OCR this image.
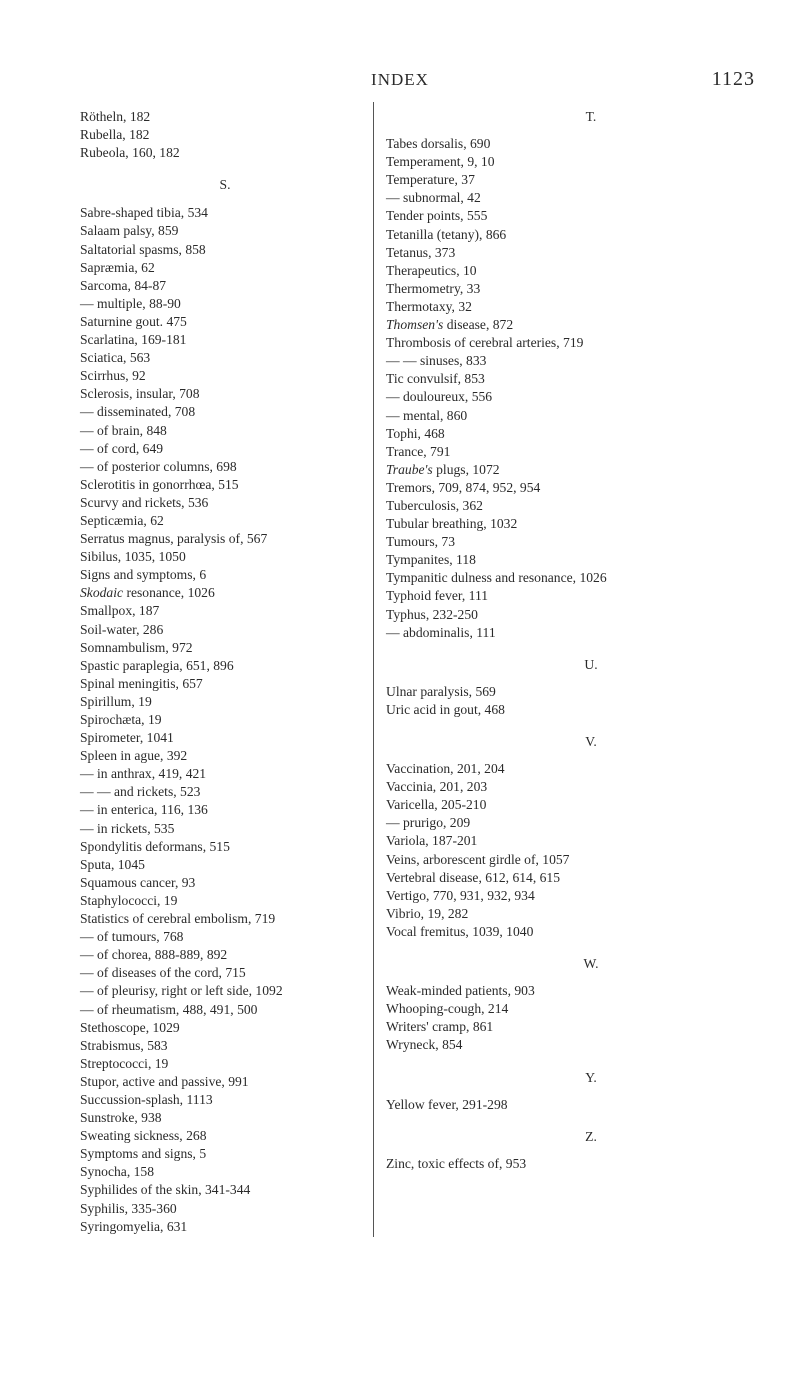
INDEX	1123
Rötheln, 182
Rubella, 182
Rubeola, 160, 182
S.
Sabre-shaped tibia, 534
Salaam palsy, 859
Saltatorial spasms, 858
Sapræmia, 62
Sarcoma, 84-87
— multiple, 88-90
Saturnine gout. 475
Scarlatina, 169-181
Sciatica, 563
Scirrhus, 92
Sclerosis, insular, 708
— disseminated, 708
— of brain, 848
— of cord, 649
— of posterior columns, 698
Sclerotitis in gonorrhœa, 515
Scurvy and rickets, 536
Septicæmia, 62
Serratus magnus, paralysis of, 567
Sibilus, 1035, 1050
Signs and symptoms, 6
Skodaic resonance, 1026
Smallpox, 187
Soil-water, 286
Somnambulism, 972
Spastic paraplegia, 651, 896
Spinal meningitis, 657
Spirillum, 19
Spirochæta, 19
Spirometer, 1041
Spleen in ague, 392
— in anthrax, 419, 421
— — and rickets, 523
— in enterica, 116, 136
— in rickets, 535
Spondylitis deformans, 515
Sputa, 1045
Squamous cancer, 93
Staphylococci, 19
Statistics of cerebral embolism, 719
— of tumours, 768
— of chorea, 888-889, 892
— of diseases of the cord, 715
— of pleurisy, right or left side, 1092
— of rheumatism, 488, 491, 500
Stethoscope, 1029
Strabismus, 583
Streptococci, 19
Stupor, active and passive, 991
Succussion-splash, 1113
Sunstroke, 938
Sweating sickness, 268
Symptoms and signs, 5
Synocha, 158
Syphilides of the skin, 341-344
Syphilis, 335-360
Syringomyelia, 631
T.
Tabes dorsalis, 690
Temperament, 9, 10
Temperature, 37
— subnormal, 42
Tender points, 555
Tetanilla (tetany), 866
Tetanus, 373
Therapeutics, 10
Thermometry, 33
Thermotaxy, 32
Thomsen's disease, 872
Thrombosis of cerebral arteries, 719
— — sinuses, 833
Tic convulsif, 853
— douloureux, 556
— mental, 860
Tophi, 468
Trance, 791
Traube's plugs, 1072
Tremors, 709, 874, 952, 954
Tuberculosis, 362
Tubular breathing, 1032
Tumours, 73
Tympanites, 118
Tympanitic dulness and resonance, 1026
Typhoid fever, 111
Typhus, 232-250
— abdominalis, 111
U.
Ulnar paralysis, 569
Uric acid in gout, 468
V.
Vaccination, 201, 204
Vaccinia, 201, 203
Varicella, 205-210
— prurigo, 209
Variola, 187-201
Veins, arborescent girdle of, 1057
Vertebral disease, 612, 614, 615
Vertigo, 770, 931, 932, 934
Vibrio, 19, 282
Vocal fremitus, 1039, 1040
W.
Weak-minded patients, 903
Whooping-cough, 214
Writers' cramp, 861
Wryneck, 854
Y.
Yellow fever, 291-298
Z.
Zinc, toxic effects of, 953
